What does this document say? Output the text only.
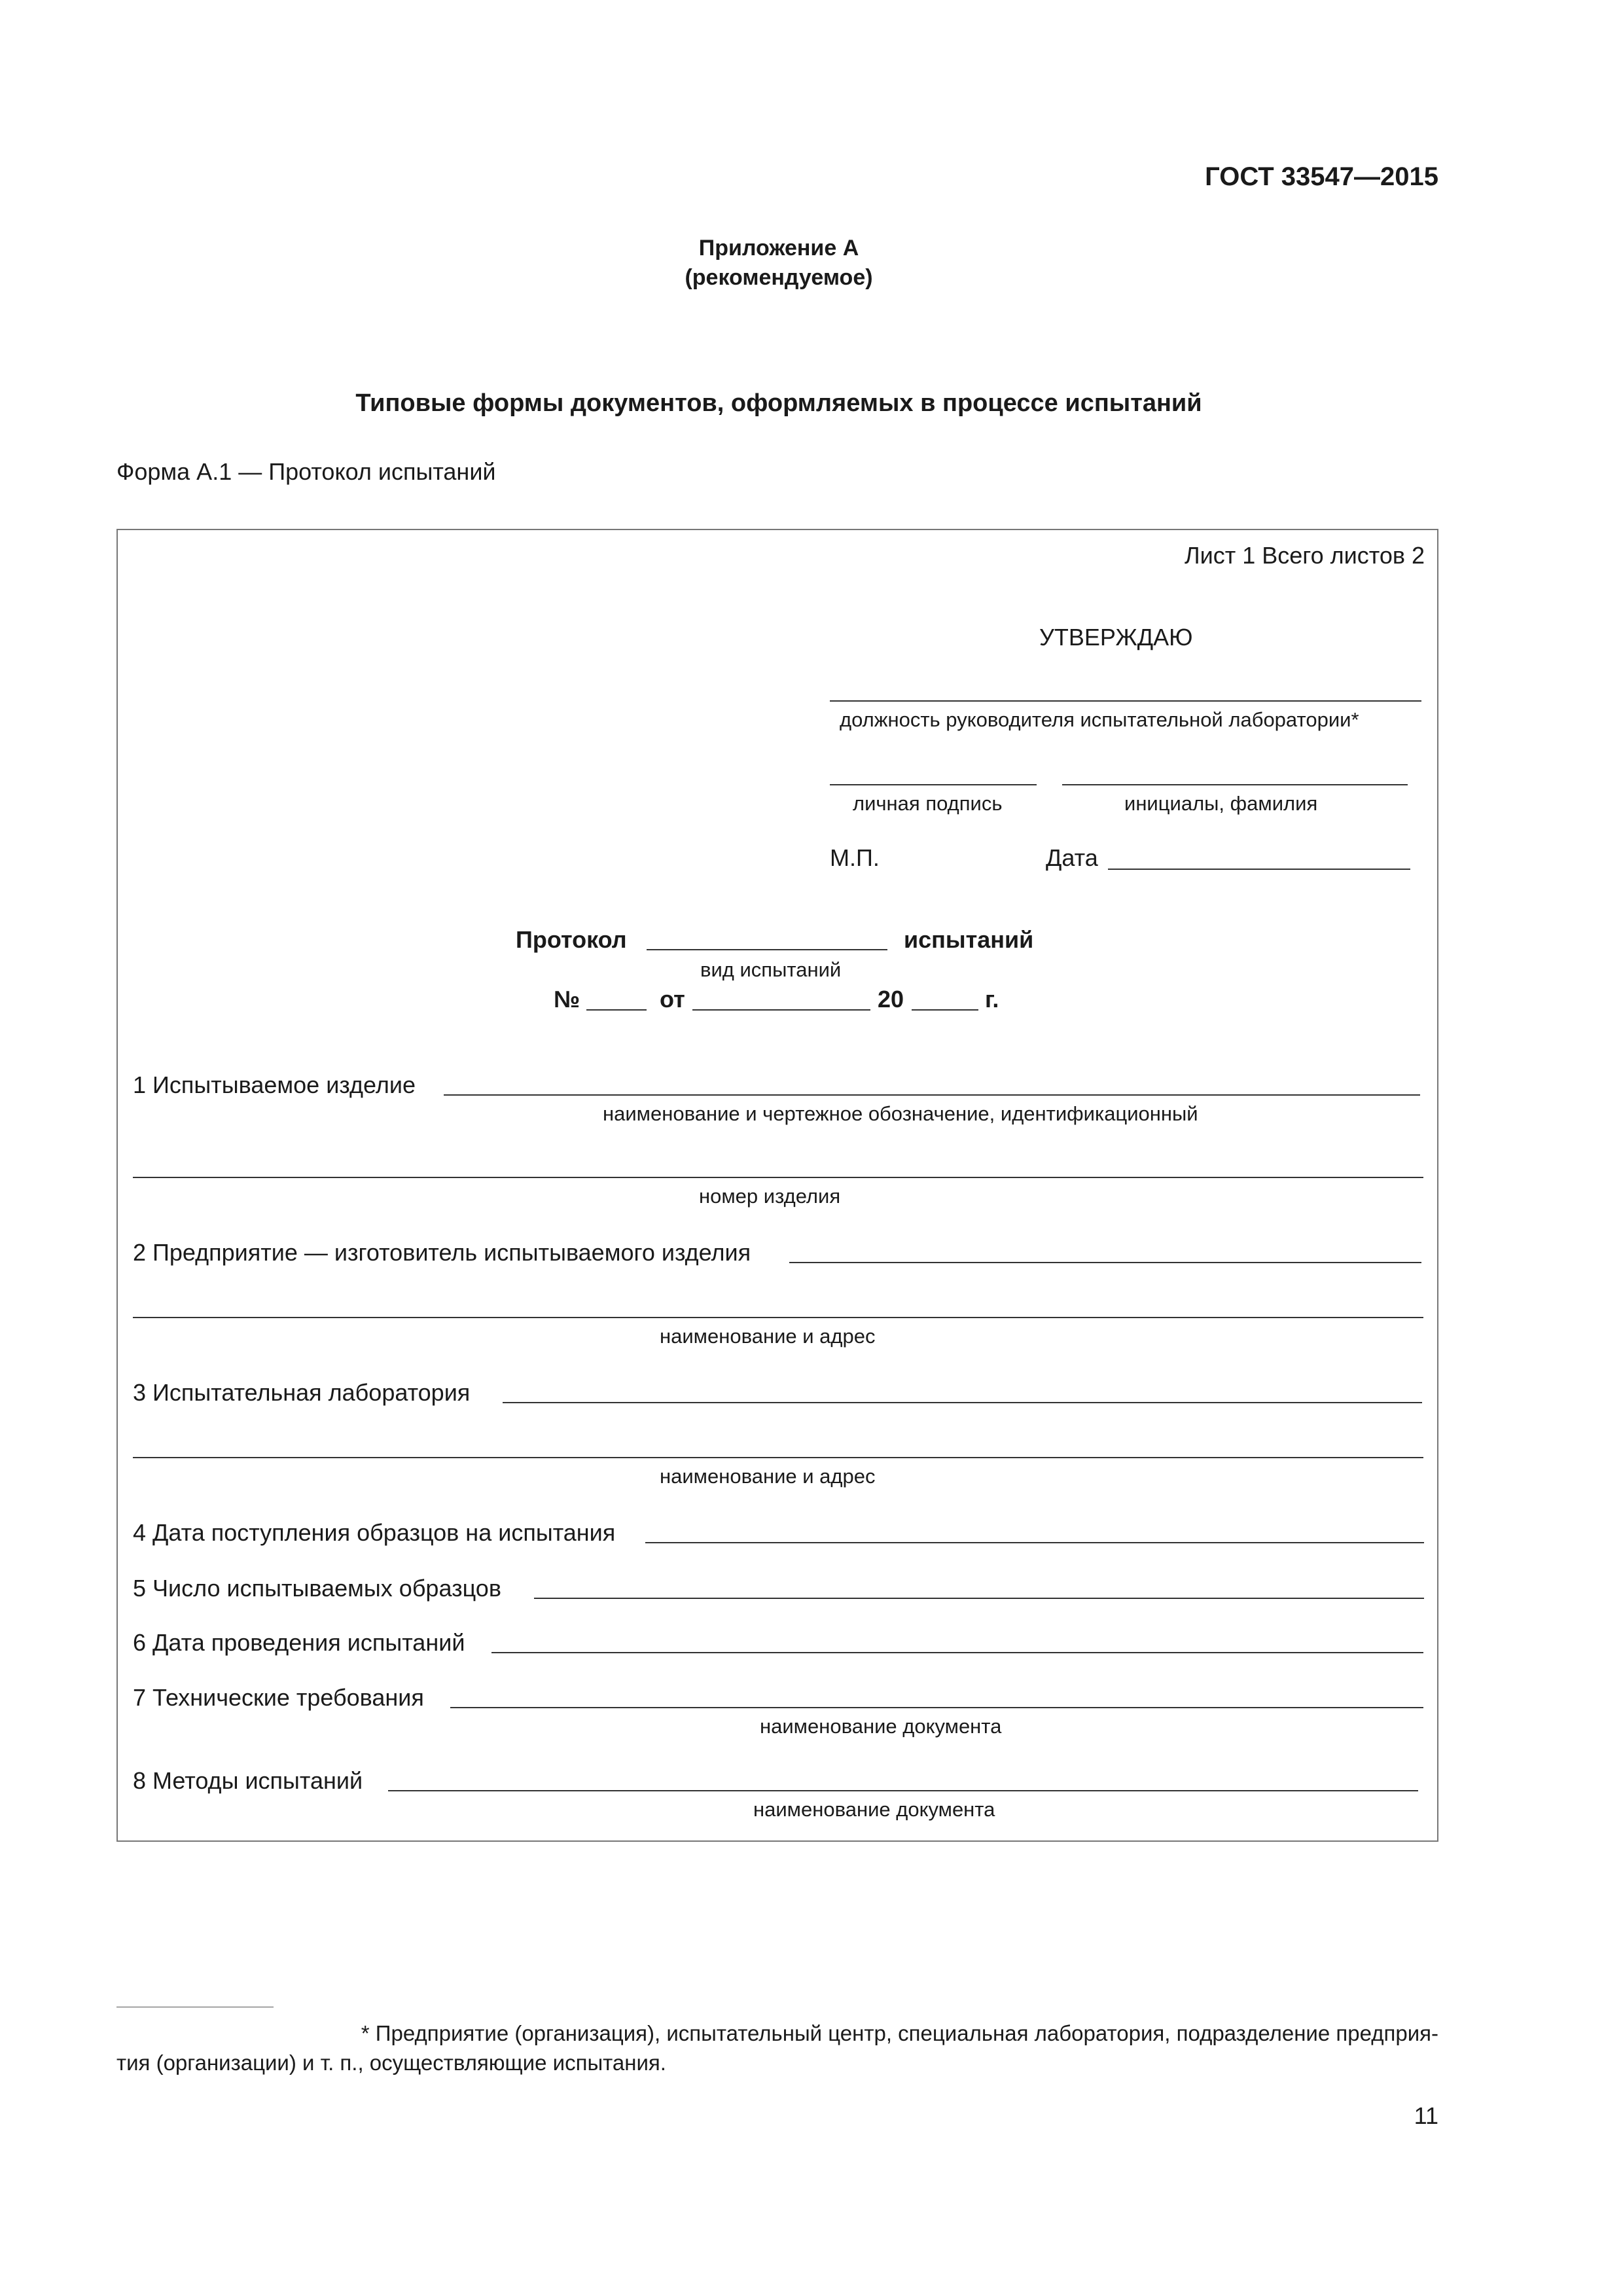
ГОСТ 33547—2015
Приложение А
(рекомендуемое)
Типовые формы документов, оформляемых в процессе испытаний
Форма А.1 — Протокол испытаний
Лист 1 Всего листов 2
УТВЕРЖДАЮ
должность руководителя испытательной лаборатории*
личная подпись	инициалы, фамилия
М.П.	Дата
Протокол	испытаний
вид испытаний
№	от	20	г.
1 Испытываемое изделие
наименование и чертежное обозначение, идентификационный
номер изделия
2 Предприятие — изготовитель испытываемого изделия
наименование и адрес
3 Испытательная лаборатория
наименование и адрес
4 Дата поступления образцов на испытания
5 Число испытываемых образцов
6 Дата проведения испытаний
7 Технические требования
наименование документа
8 Методы испытаний
наименование документа
* Предприятие (организация), испытательный центр, специальная лаборатория, подразделение предприя-
тия (организации) и т. п., осуществляющие испытания.
11
